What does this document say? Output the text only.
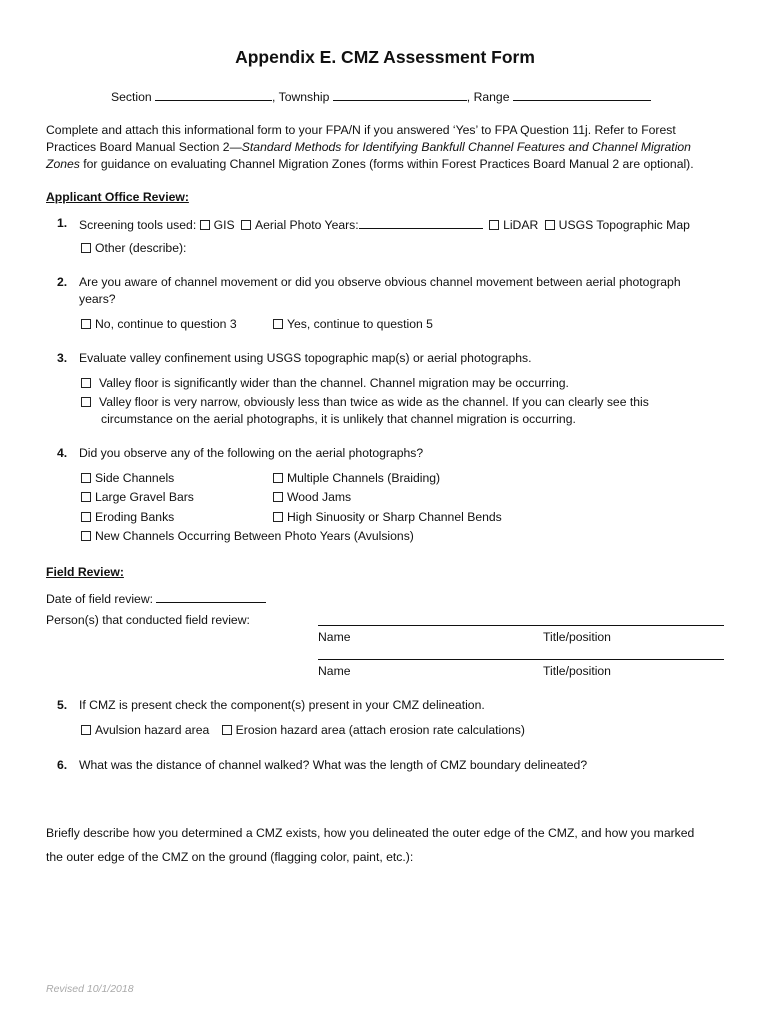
Appendix E. CMZ Assessment Form
Section	, Township	, Range

Complete and attach this informational form to your FPA/N if you answered ‘Yes’ to FPA Question 11j. Refer to Forest Practices Board Manual Section 2—Standard Methods for Identifying Bankfull Channel Features and Channel Migration Zones for guidance on evaluating Channel Migration Zones (forms within Forest Practices Board Manual 2 are optional).

Applicant Office Review:
1. Screening tools used: GIS Aerial Photo Years:	LiDAR USGS Topographic Map
Other (describe):
2. Are you aware of channel movement or did you observe obvious channel movement between aerial photograph
years?
No, continue to question 3	Yes, continue to question 5
3. Evaluate valley confinement using USGS topographic map(s) or aerial photographs.
Valley floor is significantly wider than the channel. Channel migration may be occurring.
Valley floor is very narrow, obviously less than twice as wide as the channel. If you can clearly see this
circumstance on the aerial photographs, it is unlikely that channel migration is occurring.
4. Did you observe any of the following on the aerial photographs?
Side Channels	Multiple Channels (Braiding)
Large Gravel Bars	Wood Jams
Eroding Banks	High Sinuosity or Sharp Channel Bends
New Channels Occurring Between Photo Years (Avulsions)
Field Review:
Date of field review:
Person(s) that conducted field review:
Name	Title/position
Name	Title/position
5. If CMZ is present check the component(s) present in your CMZ delineation.
Avulsion hazard area Erosion hazard area (attach erosion rate calculations)
6. What was the distance of channel walked? What was the length of CMZ boundary delineated?
Briefly describe how you determined a CMZ exists, how you delineated the outer edge of the CMZ, and how you marked
the outer edge of the CMZ on the ground (flagging color, paint, etc.):
Revised 10/1/2018
